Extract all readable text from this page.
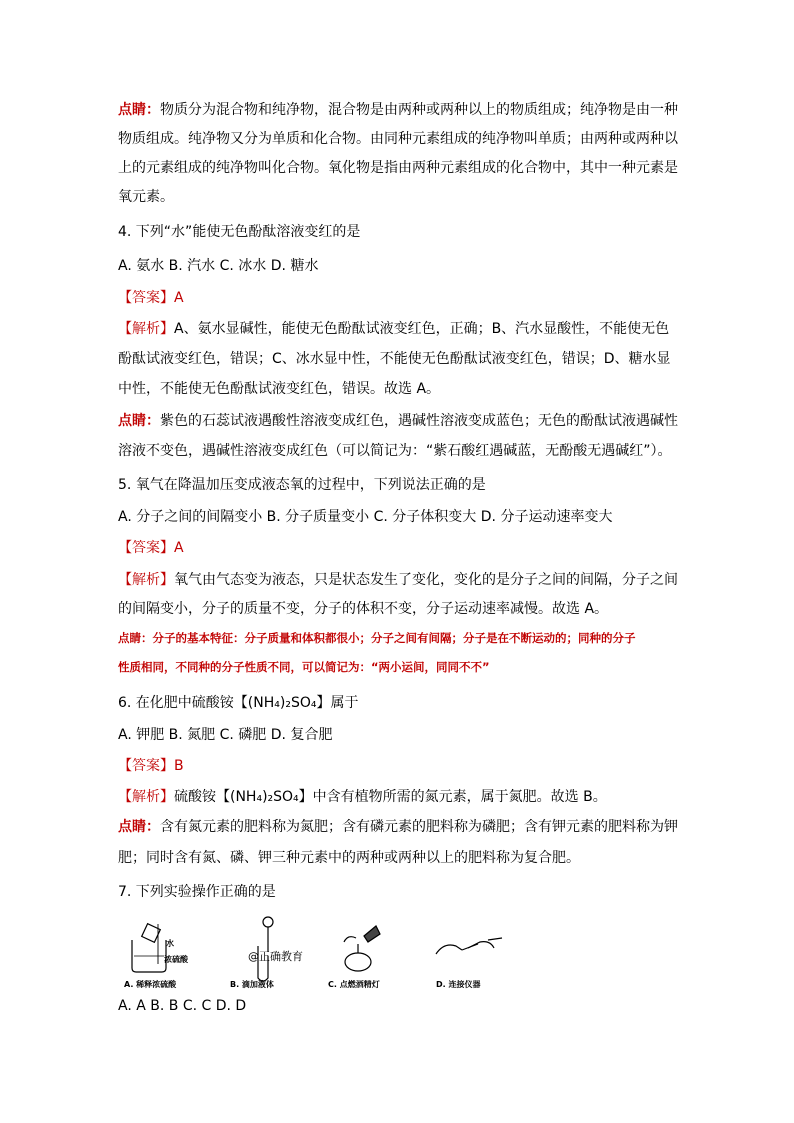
点睛：物质分为混合物和纯净物，混合物是由两种或两种以上的物质组成；纯净物是由一种
物质组成。纯净物又分为单质和化合物。由同种元素组成的纯净物叫单质；由两种或两种以
上的元素组成的纯净物叫化合物。氧化物是指由两种元素组成的化合物中，其中一种元素是
氧元素。
4. 下列“水”能使无色酚酞溶液变红的是
A. 氨水 B. 汽水 C. 冰水 D. 糖水
【答案】A
【解析】A、氨水显碱性，能使无色酚酞试液变红色，正确；B、汽水显酸性，不能使无色
酚酞试液变红色，错误；C、冰水显中性，不能使无色酚酞试液变红色，错误；D、糖水显
中性，不能使无色酚酞试液变红色，错误。故选 A。
点睛：紫色的石蕊试液遇酸性溶液变成红色，遇碱性溶液变成蓝色；无色的酚酞试液遇碱性
溶液不变色，遇碱性溶液变成红色（可以简记为：“紫石酸红遇碱蓝，无酚酸无遇碱红”）。
5. 氧气在降温加压变成液态氧的过程中，下列说法正确的是
A. 分子之间的间隔变小 B. 分子质量变小 C. 分子体积变大 D. 分子运动速率变大
【答案】A
【解析】氧气由气态变为液态，只是状态发生了变化，变化的是分子之间的间隔，分子之间
的间隔变小，分子的质量不变，分子的体积不变，分子运动速率减慢。故选 A。
点睛：分子的基本特征：分子质量和体积都很小；分子之间有间隔；分子是在不断运动的；同种的分子
性质相同，不同种的分子性质不同，可以简记为：“两小运间，同同不不”
6. 在化肥中硫酸铵【(NH₄)₂SO₄】属于
A. 钾肥 B. 氮肥 C. 磷肥 D. 复合肥
【答案】B
【解析】硫酸铵【(NH₄)₂SO₄】中含有植物所需的氮元素，属于氮肥。故选 B。
点睛：含有氮元素的肥料称为氮肥；含有磷元素的肥料称为磷肥；含有钾元素的肥料称为钾
肥；同时含有氮、磷、钾三种元素中的两种或两种以上的肥料称为复合肥。
7. 下列实验操作正确的是
A. A B. B C. C D. D
水
浓硫酸	@正确教育
A. 稀释浓硫酸	B. 滴加液体	C. 点燃酒精灯	D. 连接仪器
